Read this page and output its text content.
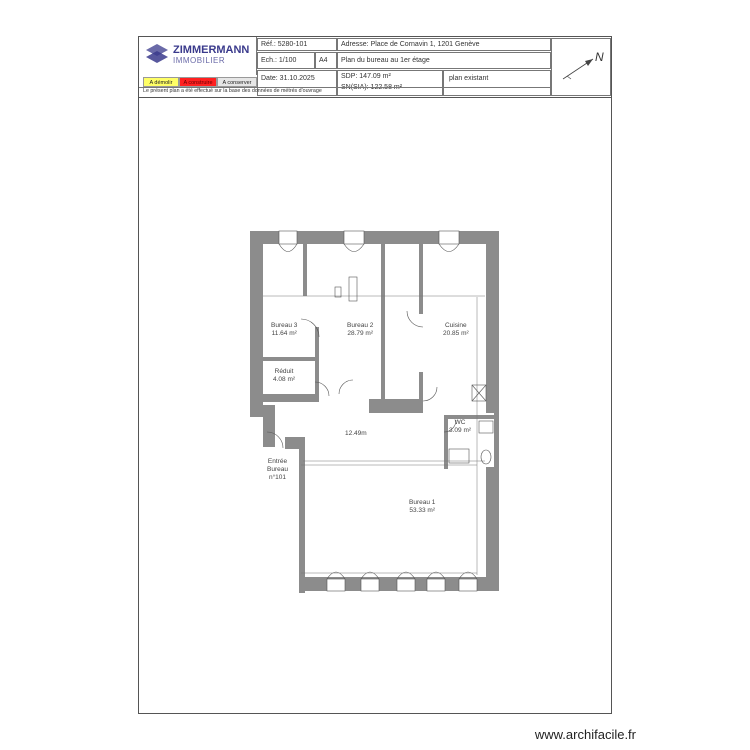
ZIMMERMANN
IMMOBILIER
A démolir	A construire	A conserver
Réf.: 5280-101	Adresse: Place de Cornavin 1, 1201 Genève
Ech.: 1/100	A4 Plan du bureau au 1er étage
Date: 31.10.2025	SDP: 147.09 m²
SN(SIA): 122.58 m²
plan existant
N
Le présent plan a été effectué sur la base des données de métrés d'ouvrage
Bureau 3
11.64 m²
Bureau 2
28.79 m²
Cuisine
20.85 m²
Réduit
4.08 m²
12.49m
WC
3.09 m²
Bureau 1
53.33 m²
Entrée
Bureau
n°101
www.archifacile.fr
